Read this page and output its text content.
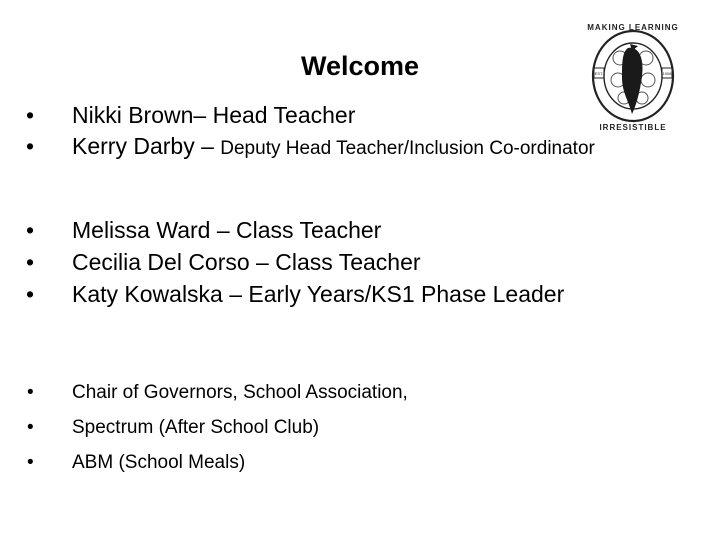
Welcome	EST.	1908
MAKING LEARNING
IRRESISTIBLE
• Nikki Brown– Head Teacher
• Kerry Darby – Deputy Head Teacher/Inclusion Co-ordinator
• Melissa Ward – Class Teacher
• Cecilia Del Corso – Class Teacher
• Katy Kowalska – Early Years/KS1 Phase Leader
• Chair of Governors, School Association,
• Spectrum (After School Club)
• ABM (School Meals)
